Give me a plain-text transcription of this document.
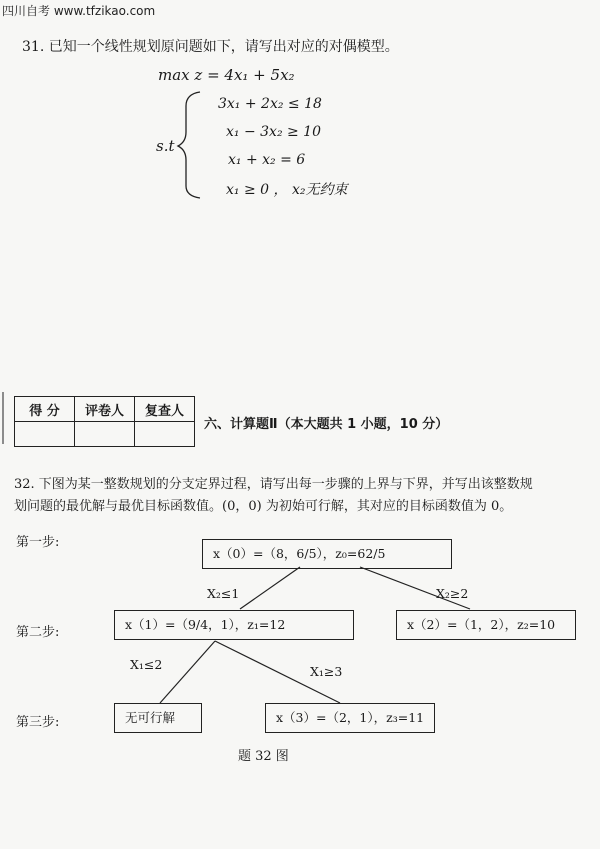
四川自考 www.tfzikao.com
31. 已知一个线性规划原问题如下，请写出对应的对偶模型。
max z = 4x₁ + 5x₂
s.t
3x₁ + 2x₂ ≤ 18
x₁ − 3x₂ ≥ 10
x₁ + x₂ = 6
x₁ ≥ 0 ， x₂无约束
得 分	评卷人	复查人

六、计算题Ⅱ（本大题共 1 小题，10 分）
32. 下图为某一整数规划的分支定界过程，请写出每一步骤的上界与下界，并写出该整数规
划问题的最优解与最优目标函数值。(0，0) 为初始可行解，其对应的目标函数值为 0。
第一步:
第二步:
第三步:
x（0）=（8，6/5），z₀=62/5
x（1）=（9/4，1），z₁=12	x（2）=（1，2），z₂=10
无可行解	x（3）=（2，1），z₃=11
X₂≤1	X₂≥2
X₁≤2	X₁≥3
题 32 图
